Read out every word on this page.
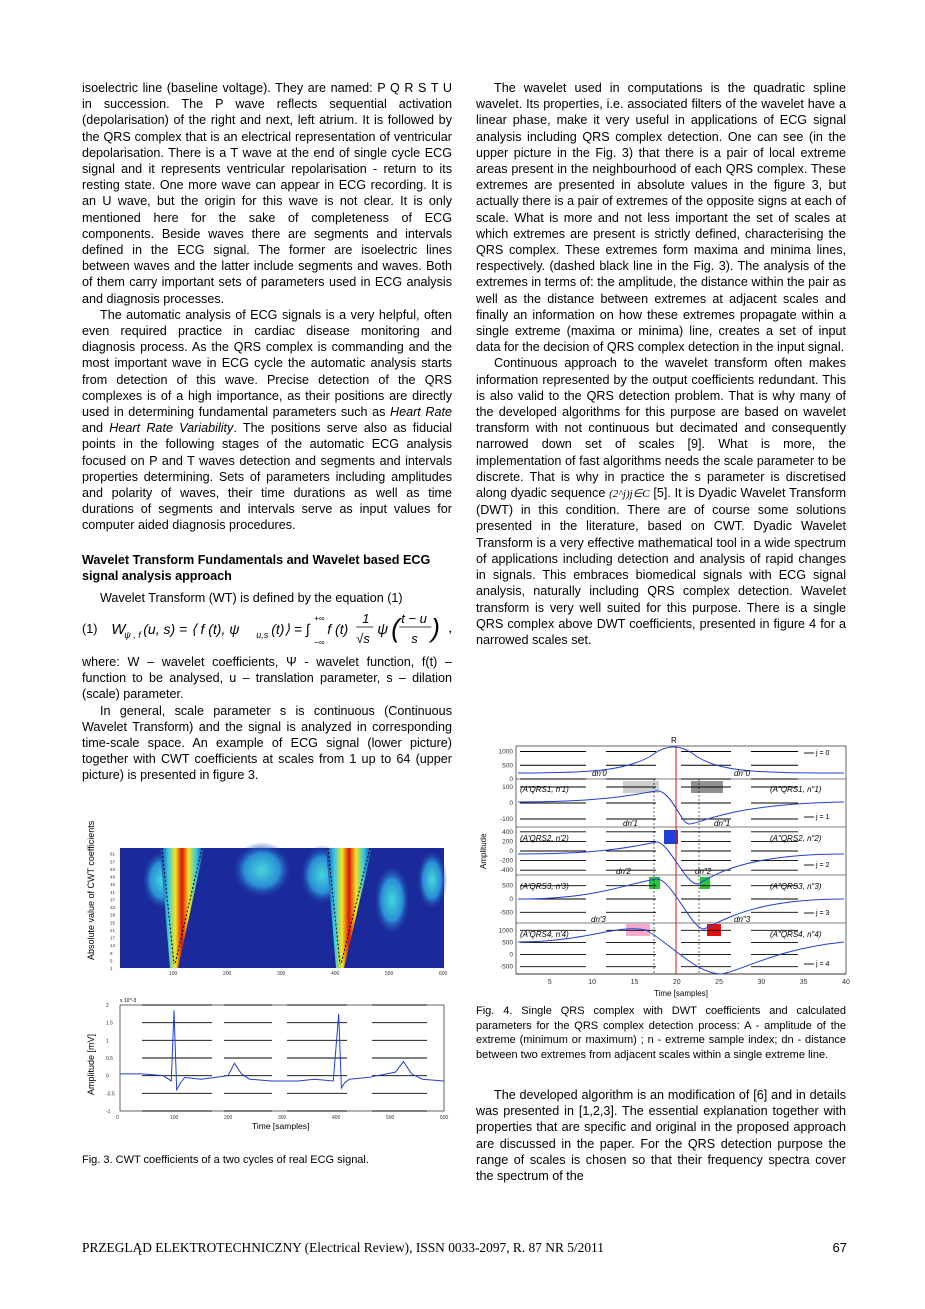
isoelectric line (baseline voltage). They are named: P Q R S T U in succession. The P wave reflects sequential activation (depolarisation) of the right and next, left atrium. It is followed by the QRS complex that is an electrical representation of ventricular depolarisation. There is a T wave at the end of single cycle ECG signal and it represents ventricular repolarisation - return to its resting state. One more wave can appear in ECG recording. It is an U wave, but the origin for this wave is not clear. It is only mentioned here for the sake of completeness of ECG components. Beside waves there are segments and intervals defined in the ECG signal. The former are isoelectric lines between waves and the latter include segments and waves. Both of them carry important sets of parameters used in ECG analysis and diagnosis processes.

The automatic analysis of ECG signals is a very helpful, often even required practice in cardiac disease monitoring and diagnosis process. As the QRS complex is commanding and the most important wave in ECG cycle the automatic analysis starts from detection of this wave. Precise detection of the QRS complexes is of a high importance, as their positions are directly used in determining fundamental parameters such as Heart Rate and Heart Rate Variability. The positions serve also as fiducial points in the following stages of the automatic ECG analysis focused on P and T waves detection and segments and intervals properties determining. Sets of parameters including amplitudes and polarity of waves, their time durations as well as time durations of segments and intervals serve as input values for computer aided diagnosis procedures.

Wavelet Transform Fundamentals and Wavelet based ECG signal analysis approach

Wavelet Transform (WT) is defined by the equation (1)

(1) W
ψ , f (u, s) = ⟨ f (t), ψ u,s (t)⟩ = ∫
+∞
−∞
f (t)
1
√s
ψ ( t − u
s ) ,

where: W – wavelet coefficients, Ψ - wavelet function, f(t) – function to be analysed, u – translation parameter, s – dilation (scale) parameter.

In general, scale parameter s is continuous (Continuous Wavelet Transform) and the signal is analyzed in corresponding time-scale space. An example of ECG signal (lower picture) together with CWT coefficients at scales from 1 up to 64 (upper picture) is presented in figure 3.

1
5
9
13
17
21
25
29
33
37
41
45
49
53
57
61
100	200	300	400	500	600
Absolute value of CWT coefficients
x 10^-3
-1
-0.5
0
0.5
1
1.5
2
0	100	200	300	400	500	600
Amplitude [mV]
Time [samples]
Fig. 3. CWT coefficients of a two cycles of real ECG signal.

The wavelet used in computations is the quadratic spline wavelet. Its properties, i.e. associated filters of the wavelet have a linear phase, make it very useful in applications of ECG signal analysis including QRS complex detection. One can see (in the upper picture in the Fig. 3) that there is a pair of local extreme areas present in the neighbourhood of each QRS complex. These extremes are presented in absolute values in the figure 3, but actually there is a pair of extremes of the opposite signs at each of scale. What is more and not less important the set of scales at which extremes are present is strictly defined, characterising the QRS complex. These extremes form maxima and minima lines, respectively. (dashed black line in the Fig. 3). The analysis of the extremes in terms of: the amplitude, the distance within the pair as well as the distance between extremes at adjacent scales and finally an information on how these extremes propagate within a single extreme (maxima or minima) line, creates a set of input data for the decision of QRS complex detection in the input signal.

Continuous approach to the wavelet transform often makes information represented by the output coefficients redundant. This is also valid to the QRS detection problem. That is why many of the developed algorithms for this purpose are based on wavelet transform with not continuous but decimated and consequently narrowed down set of scales [9]. What is more, the implementation of fast algorithms needs the scale parameter to be discrete. That is why in practice the s parameter is discretised along dyadic sequence (2^j)j∈C [5]. It is Dyadic Wavelet Transform (DWT) in this condition. There are of course some solutions presented in the literature, based on CWT. Dyadic Wavelet Transform is a very effective mathematical tool in a wide spectrum of applications including detection and analysis of rapid changes in signals. This embraces biomedical signals with ECG signal analysis, naturally including QRS complex detection. Wavelet transform is very well suited for this purpose. There is a single QRS complex above DWT coefficients, presented in figure 4 for a narrowed scales set.

R
j = 0
j = 1
j = 2
j = 3
j = 4
1000
500
0
100
0
-100
400
200
0
-200
-400
500
0
-500
1000
500
0
-500
5	10	15	20	25	30	35	40
(A′QRS1, n′1)	(A″QRS1, n″1)
(A′QRS2, n′2)	(A″QRS2, n″2)
(A′QRS3, n′3)	(A″QRS3, n″3)
(A′QRS4, n′4)	(A″QRS4, n″4)
dn′0	dn″0
dn′1	dn″1
dn′2	dn″2
dn′3	dn″3
Amplitude
Time [samples]
Fig. 4. Single QRS complex with DWT coefficients and calculated parameters for the QRS complex detection process: A - amplitude of the extreme (minimum or maximum) ; n - extreme sample index; dn - distance between two extremes from adjacent scales within a single extreme line.

The developed algorithm is an modification of [6] and in details was presented in [1,2,3]. The essential explanation together with properties that are specific and original in the proposed approach are discussed in the paper. For the QRS detection purpose the range of scales is chosen so that their frequency spectra cover the spectrum of the

PRZEGLĄD ELEKTROTECHNICZNY (Electrical Review), ISSN 0033-2097, R. 87 NR 5/2011	67
